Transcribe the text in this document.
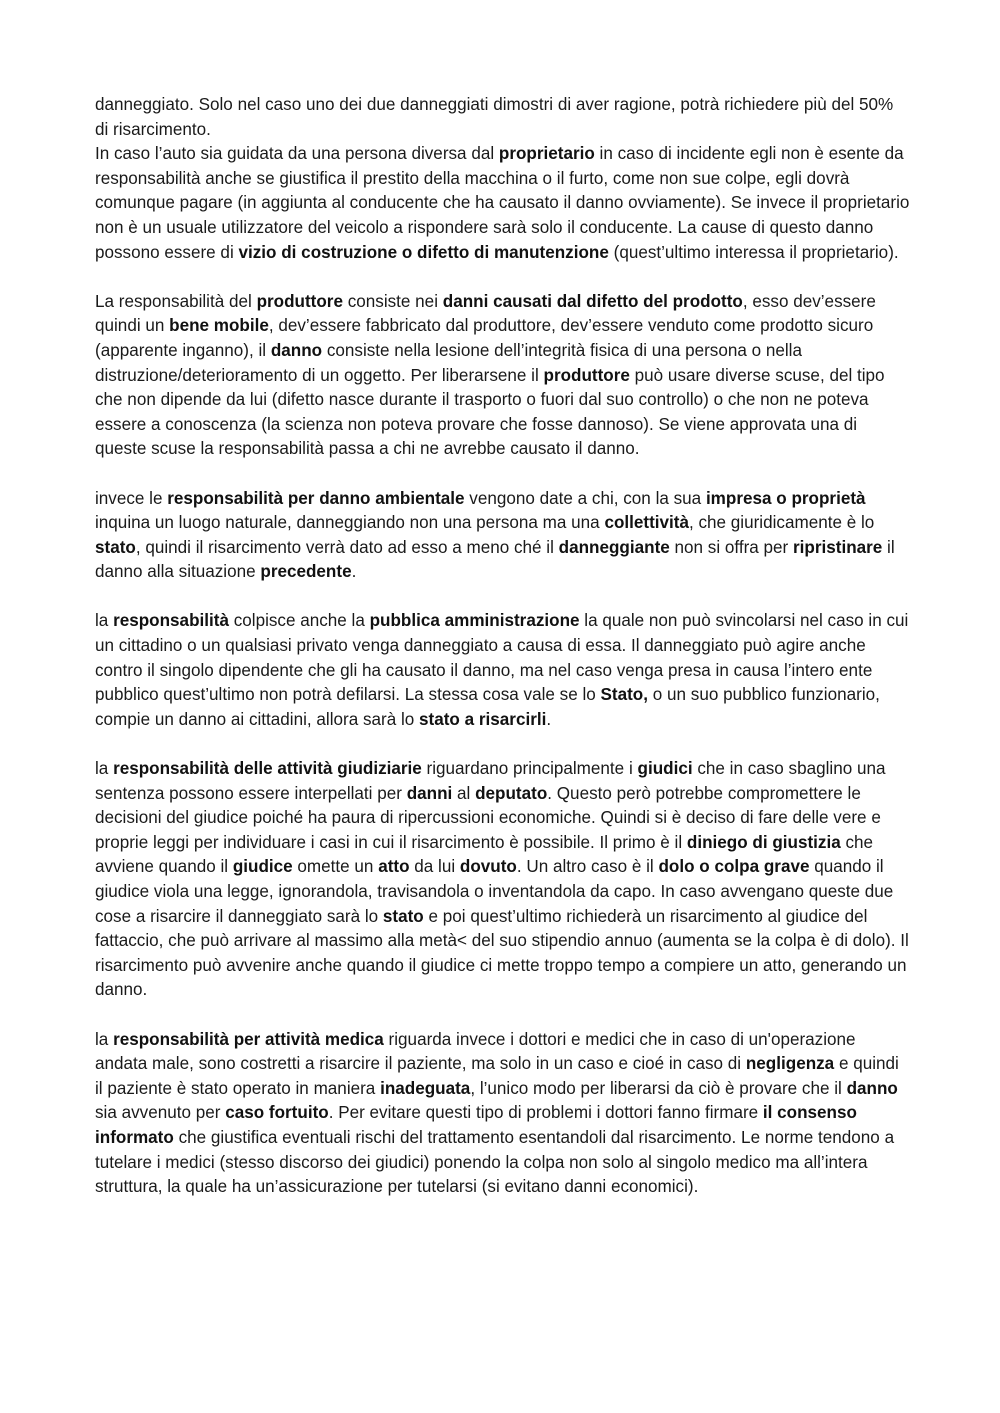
danneggiato. Solo nel caso uno dei due danneggiati dimostri di aver ragione, potrà richiedere più del 50% di risarcimento.

In caso l’auto sia guidata da una persona diversa dal proprietario in caso di incidente egli non è esente da responsabilità anche se giustifica il prestito della macchina o il furto, come non sue colpe, egli dovrà comunque pagare (in aggiunta al conducente che ha causato il danno ovviamente). Se invece il proprietario non è un usuale utilizzatore del veicolo a rispondere sarà solo il conducente. La cause di questo danno possono essere di vizio di costruzione o difetto di manutenzione (quest’ultimo interessa il proprietario).

La responsabilità del produttore consiste nei danni causati dal difetto del prodotto, esso dev’essere quindi un bene mobile, dev’essere fabbricato dal produttore, dev’essere venduto come prodotto sicuro (apparente inganno), il danno consiste nella lesione dell’integrità fisica di una persona o nella distruzione/deterioramento di un oggetto. Per liberarsene il produttore può usare diverse scuse, del tipo che non dipende da lui (difetto nasce durante il trasporto o fuori dal suo controllo) o che non ne poteva essere a conoscenza (la scienza non poteva provare che fosse dannoso). Se viene approvata una di queste scuse la responsabilità passa a chi ne avrebbe causato il danno.

invece le responsabilità per danno ambientale vengono date a chi, con la sua impresa o proprietà inquina un luogo naturale, danneggiando non una persona ma una collettività, che giuridicamente è lo stato, quindi il risarcimento verrà dato ad esso a meno ché il danneggiante non si offra per ripristinare il danno alla situazione precedente.

la responsabilità colpisce anche la pubblica amministrazione la quale non può svincolarsi nel caso in cui un cittadino o un qualsiasi privato venga danneggiato a causa di essa. Il danneggiato può agire anche contro il singolo dipendente che gli ha causato il danno, ma nel caso venga presa in causa l’intero ente pubblico quest’ultimo non potrà defilarsi. La stessa cosa vale se lo Stato, o un suo pubblico funzionario, compie un danno ai cittadini, allora sarà lo stato a risarcirli.

la responsabilità delle attività giudiziarie riguardano principalmente i giudici che in caso sbaglino una sentenza possono essere interpellati per danni al deputato. Questo però potrebbe compromettere le decisioni del giudice poiché ha paura di ripercussioni economiche. Quindi si è deciso di fare delle vere e proprie leggi per individuare i casi in cui il risarcimento è possibile. Il primo è il diniego di giustizia che avviene quando il giudice omette un atto da lui dovuto. Un altro caso è il dolo o colpa grave quando il giudice viola una legge, ignorandola, travisandola o inventandola da capo. In caso avvengano queste due cose a risarcire il danneggiato sarà lo stato e poi quest’ultimo richiederà un risarcimento al giudice del fattaccio, che può arrivare al massimo alla metà< del suo stipendio annuo (aumenta se la colpa è di dolo). Il risarcimento può avvenire anche quando il giudice ci mette troppo tempo a compiere un atto, generando un danno.

la responsabilità per attività medica riguarda invece i dottori e medici che in caso di un'operazione andata male, sono costretti a risarcire il paziente, ma solo in un caso e cioé in caso di negligenza e quindi il paziente è stato operato in maniera inadeguata, l’unico modo per liberarsi da ciò è provare che il danno sia avvenuto per caso fortuito. Per evitare questi tipo di problemi i dottori fanno firmare il consenso informato che giustifica eventuali rischi del trattamento esentandoli dal risarcimento. Le norme tendono a tutelare i medici (stesso discorso dei giudici) ponendo la colpa non solo al singolo medico ma all’intera struttura, la quale ha un’assicurazione per tutelarsi (si evitano danni economici).
